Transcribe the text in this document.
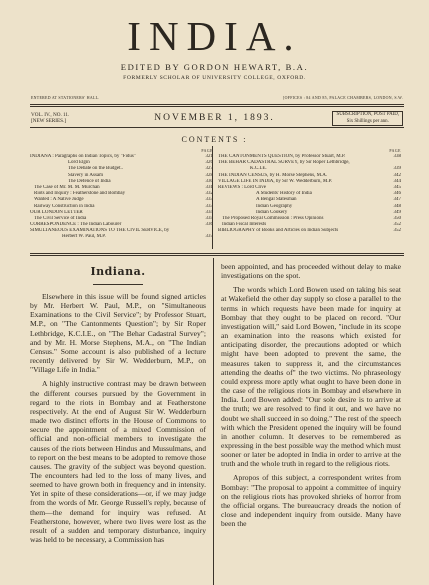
INDIA.
EDITED BY GORDON HEWART, B.A.
FORMERLY SCHOLAR OF UNIVERSITY COLLEGE, OXFORD.
ENTERED AT STATIONERS' HALL.	[OFFICES : 84 AND 85, PALACE CHAMBERS, LONDON, S.W.
VOL. IV., NO. 11.
[NEW SERIES.]	NOVEMBER 1, 1893.	SUBSCRIPTION, POST PAID,
Six Shillings per ann.
CONTENTS :
PAGE
INDIANA : Paragraphs on Indian Topics, by "Fidus"	321
Lord Elgin	326
The Debate on the Budget..	327
Slavery in Assam	328
The Defence of India	330
The Case of Mr. M. M. Murchan	331
Riots and Inquiry : Featherstone and Bombay	332
Wanted : A Native Judge	333
Railway Construction in India	333
OUR LONDON LETTER	334
The Civil Service of India	335
CORRESPONDENCE : The Indian Labourer	336
SIMULTANEOUS EXAMINATIONS TO THE CIVIL SERVICE, by
Herbert W. Paul, M.P.	337
PAGE
THE CANTONMENTS QUESTION, by Professor Stuart, M.P.	338
THE BEHAR CADASTRAL SURVEY, by Sir Roper Lethbridge,
K.C.I.E.	339
THE INDIAN CENSUS, by H. Morse Stephens, M.A.	342
VILLAGE LIFE IN INDIA, by Sir W. Wedderburn, M.P.	344
REVIEWS : Lord Clive	345
A Students' History of India	346
A Bengal Statesman	347
Indian Geography	348
Indian Cookery	349
The Proposed Royal Commission : Press Opinions	350
Indian Fiscal Interests	352
BIBLIOGRAPHY of Books and Articles on Indian Subjects	352
Indiana.

Elsewhere in this issue will be found signed articles by Mr. Herbert W. Paul, M.P., on "Simultaneous Examinations to the Civil Service"; by Professor Stuart, M.P., on "The Cantonments Question"; by Sir Roper Lethbridge, K.C.I.E., on "The Behar Cadastral Survey"; and by Mr. H. Morse Stephens, M.A., on "The Indian Census." Some account is also published of a lecture recently delivered by Sir W. Wedderburn, M.P., on "Village Life in India."

A highly instructive contrast may be drawn between the different courses pursued by the Government in regard to the riots in Bombay and at Featherstone respectively. At the end of August Sir W. Wedderburn made two distinct efforts in the House of Commons to secure the appointment of a mixed Commission of official and non-official members to investigate the causes of the riots between Hindus and Mussulmans, and to report on the best means to be adopted to remove those causes. The gravity of the subject was beyond question. The encounters had led to the loss of many lives, and seemed to have grown both in frequency and in intensity. Yet in spite of these considerations—or, if we may judge from the words of Mr. George Russell's reply, because of them—the demand for inquiry was refused. At Featherstone, however, where two lives were lost as the result of a sudden and temporary disturbance, inquiry was held to be necessary, a Commission has

been appointed, and has proceeded without delay to make investigations on the spot.

The words which Lord Bowen used on taking his seat at Wakefield the other day supply so close a parallel to the terms in which requests have been made for inquiry at Bombay that they ought to be placed on record. "Our investigation will," said Lord Bowen, "include in its scope an examination into the reasons which existed for anticipating disorder, the precautions adopted or which might have been adopted to prevent the same, the measures taken to suppress it, and the circumstances attending the deaths of" the two victims. No phraseology could express more aptly what ought to have been done in the case of the religious riots in Bombay and elsewhere in India. Lord Bowen added: "Our sole desire is to arrive at the truth; we are resolved to find it out, and we have no doubt we shall succeed in so doing." The rest of the speech with which the President opened the inquiry will be found in another column. It deserves to be remembered as expressing in the best possible way the method which must sooner or later be adopted in India in order to arrive at the truth and the whole truth in regard to the religious riots.

Apropos of this subject, a correspondent writes from Bombay: "The proposal to appoint a committee of inquiry on the religious riots has provoked shrieks of horror from the official organs. The bureaucracy dreads the notion of close and independent inquiry from outside. Many have been the
